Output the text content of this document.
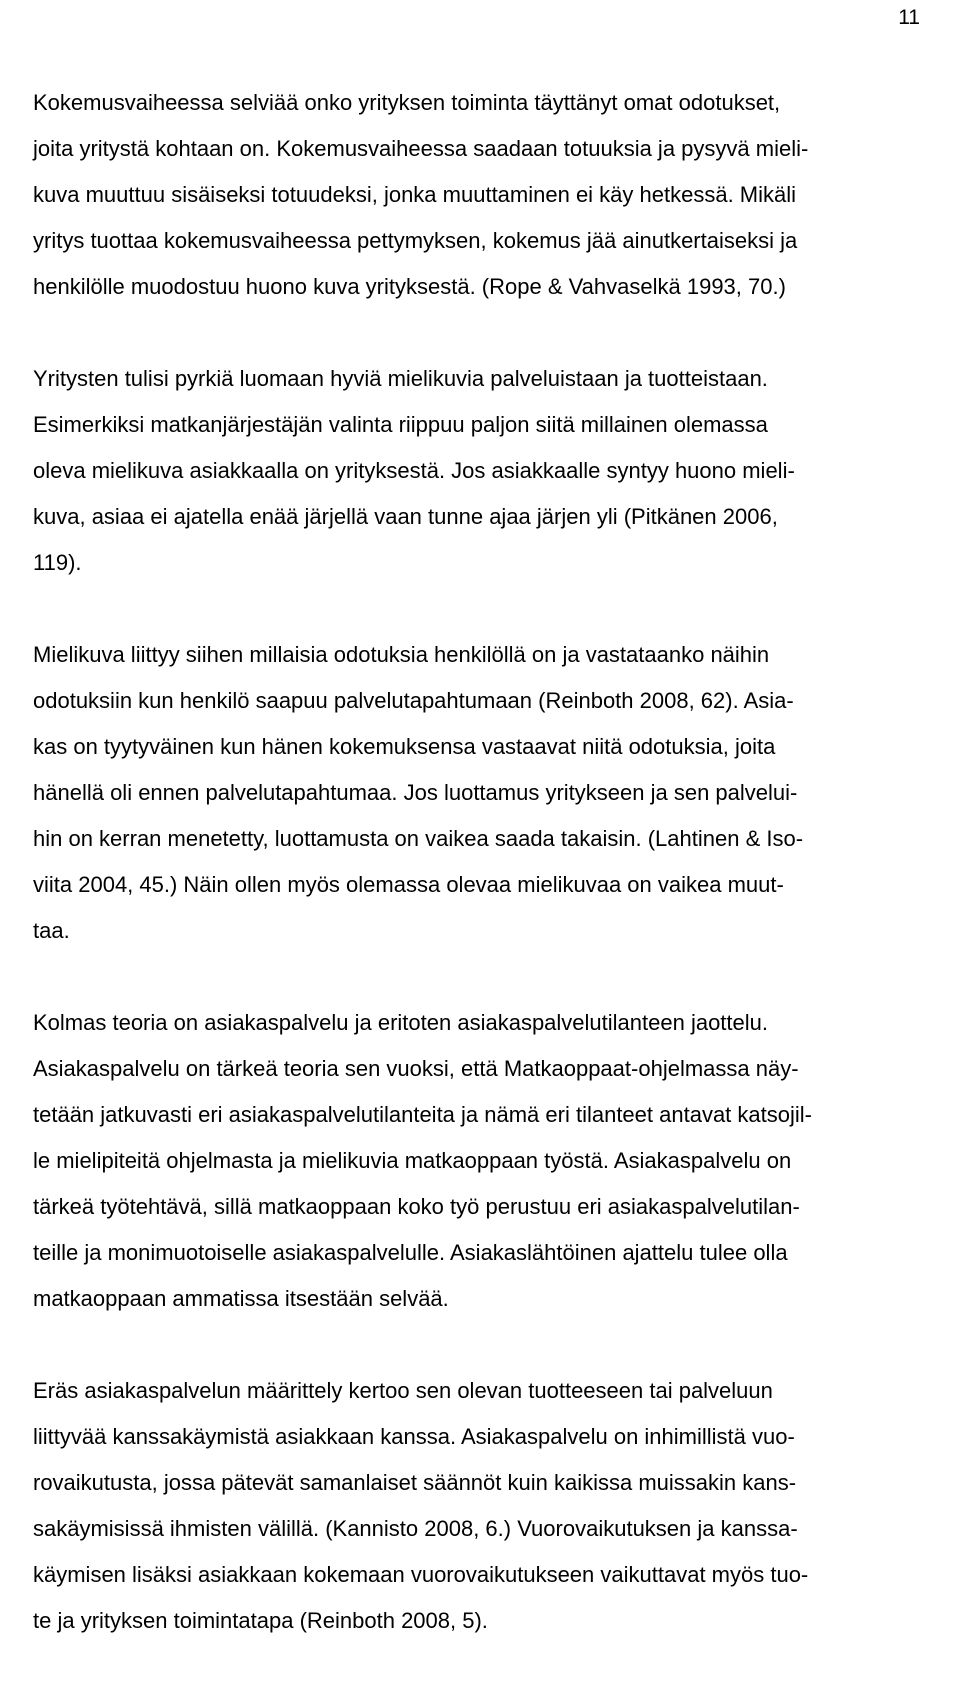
11

Kokemusvaiheessa selviää onko yrityksen toiminta täyttänyt omat odotukset,
joita yritystä kohtaan on. Kokemusvaiheessa saadaan totuuksia ja pysyvä mieli-
kuva muuttuu sisäiseksi totuudeksi, jonka muuttaminen ei käy hetkessä. Mikäli
yritys tuottaa kokemusvaiheessa pettymyksen, kokemus jää ainutkertaiseksi ja
henkilölle muodostuu huono kuva yrityksestä. (Rope & Vahvaselkä 1993, 70.)

Yritysten tulisi pyrkiä luomaan hyviä mielikuvia palveluistaan ja tuotteistaan.
Esimerkiksi matkanjärjestäjän valinta riippuu paljon siitä millainen olemassa
oleva mielikuva asiakkaalla on yrityksestä. Jos asiakkaalle syntyy huono mieli-
kuva, asiaa ei ajatella enää järjellä vaan tunne ajaa järjen yli (Pitkänen 2006,
119).

Mielikuva liittyy siihen millaisia odotuksia henkilöllä on ja vastataanko näihin
odotuksiin kun henkilö saapuu palvelutapahtumaan (Reinboth 2008, 62). Asia-
kas on tyytyväinen kun hänen kokemuksensa vastaavat niitä odotuksia, joita
hänellä oli ennen palvelutapahtumaa. Jos luottamus yritykseen ja sen palvelui-
hin on kerran menetetty, luottamusta on vaikea saada takaisin. (Lahtinen & Iso-
viita 2004, 45.) Näin ollen myös olemassa olevaa mielikuvaa on vaikea muut-
taa.

Kolmas teoria on asiakaspalvelu ja eritoten asiakaspalvelutilanteen jaottelu.
Asiakaspalvelu on tärkeä teoria sen vuoksi, että Matkaoppaat-ohjelmassa näy-
tetään jatkuvasti eri asiakaspalvelutilanteita ja nämä eri tilanteet antavat katsojil-
le mielipiteitä ohjelmasta ja mielikuvia matkaoppaan työstä. Asiakaspalvelu on
tärkeä työtehtävä, sillä matkaoppaan koko työ perustuu eri asiakaspalvelutilan-
teille ja monimuotoiselle asiakaspalvelulle. Asiakaslähtöinen ajattelu tulee olla
matkaoppaan ammatissa itsestään selvää.

Eräs asiakaspalvelun määrittely kertoo sen olevan tuotteeseen tai palveluun
liittyvää kanssakäymistä asiakkaan kanssa. Asiakaspalvelu on inhimillistä vuo-
rovaikutusta, jossa pätevät samanlaiset säännöt kuin kaikissa muissakin kans-
sakäymisissä ihmisten välillä. (Kannisto 2008, 6.) Vuorovaikutuksen ja kanssa-
käymisen lisäksi asiakkaan kokemaan vuorovaikutukseen vaikuttavat myös tuo-
te ja yrityksen toimintatapa (Reinboth 2008, 5).
